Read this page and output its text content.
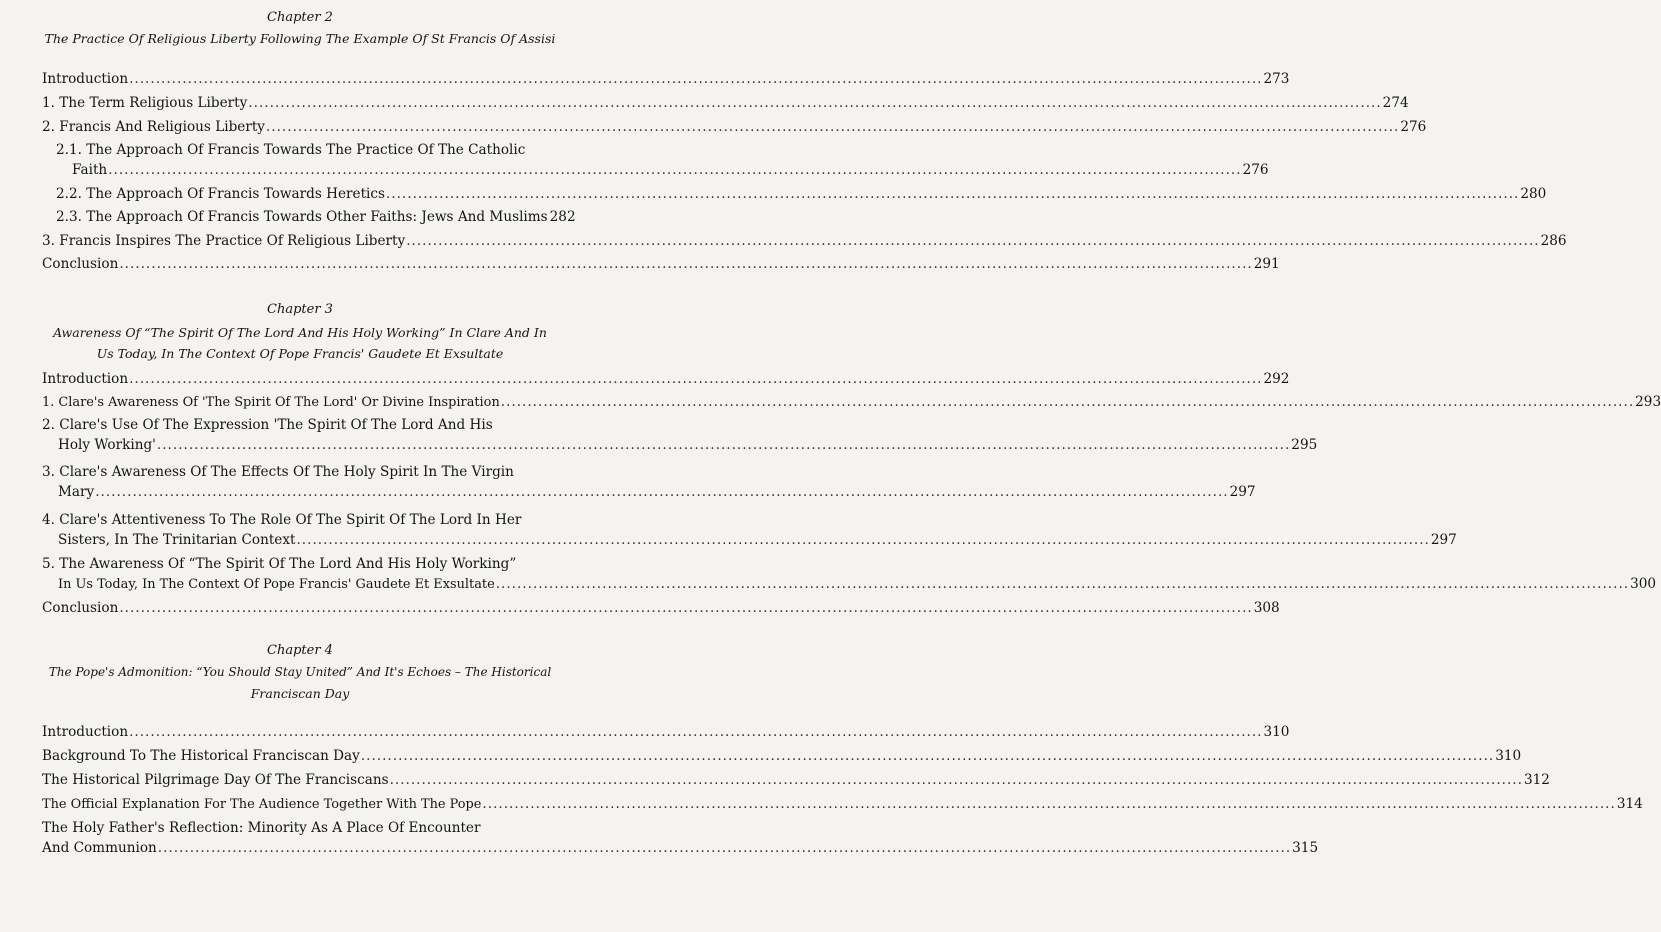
Chapter 2
The Practice Of Religious Liberty Following The Example Of St Francis Of Assisi
Introduction .....	273
1. The Term Religious Liberty .....	274
2. Francis And Religious Liberty .....	276
2.1. The Approach Of Francis Towards The Practice Of The Catholic
Faith .....	276
2.2. The Approach Of Francis Towards Heretics .....	280
2.3. The Approach Of Francis Towards Other Faiths: Jews And Muslims 282
3. Francis Inspires The Practice Of Religious Liberty .....	286
Conclusion .....	291
Chapter 3
Awareness Of “The Spirit Of The Lord And His Holy Working” In Clare And In
Us Today, In The Context Of Pope Francis' Gaudete Et Exsultate
Introduction .....	292
1. Clare's Awareness Of 'The Spirit Of The Lord' Or Divine Inspiration .....	293
2. Clare's Use Of The Expression 'The Spirit Of The Lord And His
Holy Working' .....	295
3. Clare's Awareness Of The Effects Of The Holy Spirit In The Virgin
Mary .....	297
4. Clare's Attentiveness To The Role Of The Spirit Of The Lord In Her
Sisters, In The Trinitarian Context .....	297
5. The Awareness Of “The Spirit Of The Lord And His Holy Working”
In Us Today, In The Context Of Pope Francis' Gaudete Et Exsultate .....	300
Conclusion .....	308
Chapter 4
The Pope's Admonition: “You Should Stay United” And It's Echoes – The Historical
Franciscan Day
Introduction .....	310
Background To The Historical Franciscan Day .....	310
The Historical Pilgrimage Day Of The Franciscans .....	312
The Official Explanation For The Audience Together With The Pope .....	314
The Holy Father's Reflection: Minority As A Place Of Encounter
And Communion .....	315
